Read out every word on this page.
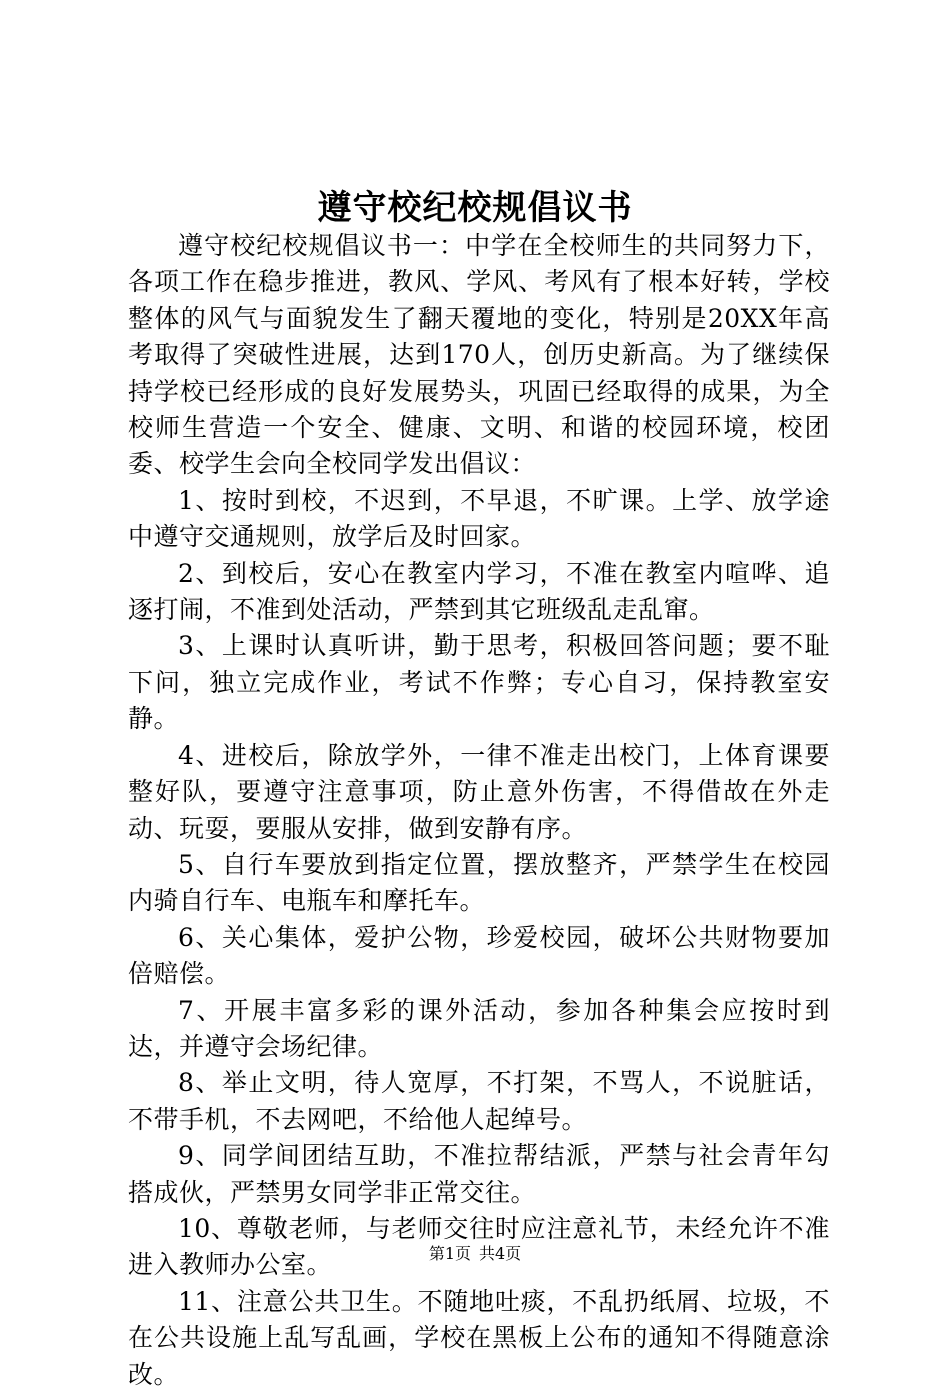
遵守校纪校规倡议书

遵守校纪校规倡议书一：中学在全校师生的共同努力下，各项工作在稳步推进，教风、学风、考风有了根本好转，学校整体的风气与面貌发生了翻天覆地的变化，特别是20XX年高考取得了突破性进展，达到170人，创历史新高。为了继续保持学校已经形成的良好发展势头，巩固已经取得的成果，为全校师生营造一个安全、健康、文明、和谐的校园环境，校团委、校学生会向全校同学发出倡议：

1、按时到校，不迟到，不早退，不旷课。上学、放学途中遵守交通规则，放学后及时回家。

2、到校后，安心在教室内学习，不准在教室内喧哗、追逐打闹，不准到处活动，严禁到其它班级乱走乱窜。

3、上课时认真听讲，勤于思考，积极回答问题；要不耻下问，独立完成作业，考试不作弊；专心自习，保持教室安静。

4、进校后，除放学外，一律不准走出校门，上体育课要整好队，要遵守注意事项，防止意外伤害，不得借故在外走动、玩耍，要服从安排，做到安静有序。

5、自行车要放到指定位置，摆放整齐，严禁学生在校园内骑自行车、电瓶车和摩托车。

6、关心集体，爱护公物，珍爱校园，破坏公共财物要加倍赔偿。

7、开展丰富多彩的课外活动，参加各种集会应按时到达，并遵守会场纪律。

8、举止文明，待人宽厚，不打架，不骂人，不说脏话，不带手机，不去网吧，不给他人起绰号。

9、同学间团结互助，不准拉帮结派，严禁与社会青年勾搭成伙，严禁男女同学非正常交往。

10、尊敬老师，与老师交往时应注意礼节，未经允许不准进入教师办公室。

11、注意公共卫生。不随地吐痰，不乱扔纸屑、垃圾，不在公共设施上乱写乱画，学校在黑板上公布的通知不得随意涂改。

第1页 共4页
